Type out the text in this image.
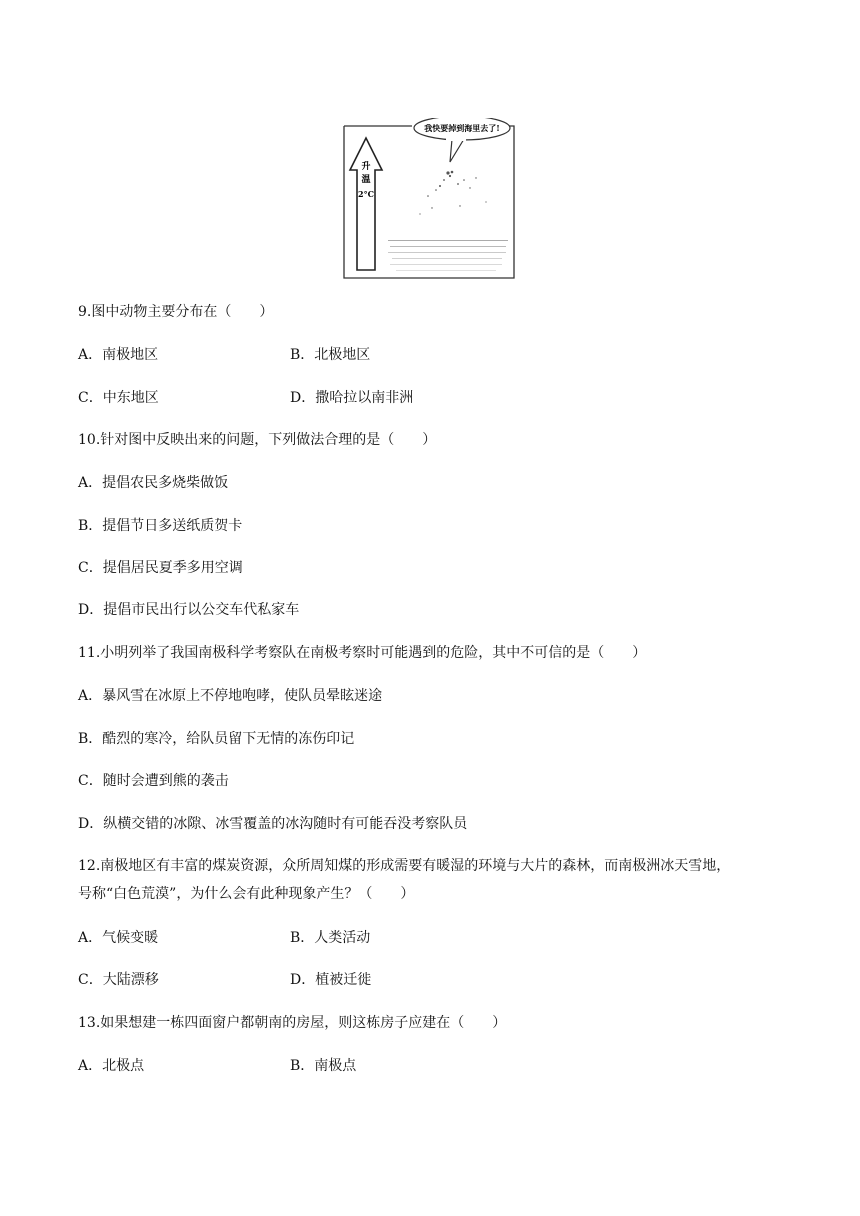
我快要掉到海里去了!
升
温
2°C
9.图中动物主要分布在（　　）
A．南极地区	B．北极地区
C．中东地区	D．撒哈拉以南非洲
10.针对图中反映出来的问题，下列做法合理的是（　　）
A．提倡农民多烧柴做饭
B．提倡节日多送纸质贺卡
C．提倡居民夏季多用空调
D．提倡市民出行以公交车代私家车
11.小明列举了我国南极科学考察队在南极考察时可能遇到的危险，其中不可信的是（　　）
A．暴风雪在冰原上不停地咆哮，使队员晕眩迷途
B．酷烈的寒冷，给队员留下无情的冻伤印记
C．随时会遭到熊的袭击
D．纵横交错的冰隙、冰雪覆盖的冰沟随时有可能吞没考察队员
12.南极地区有丰富的煤炭资源，众所周知煤的形成需要有暖湿的环境与大片的森林，而南极洲冰天雪地，
号称“白色荒漠”，为什么会有此种现象产生？（　　）
A．气候变暖	B．人类活动
C．大陆漂移	D．植被迁徙
13.如果想建一栋四面窗户都朝南的房屋，则这栋房子应建在（　　）
A．北极点	B．南极点
